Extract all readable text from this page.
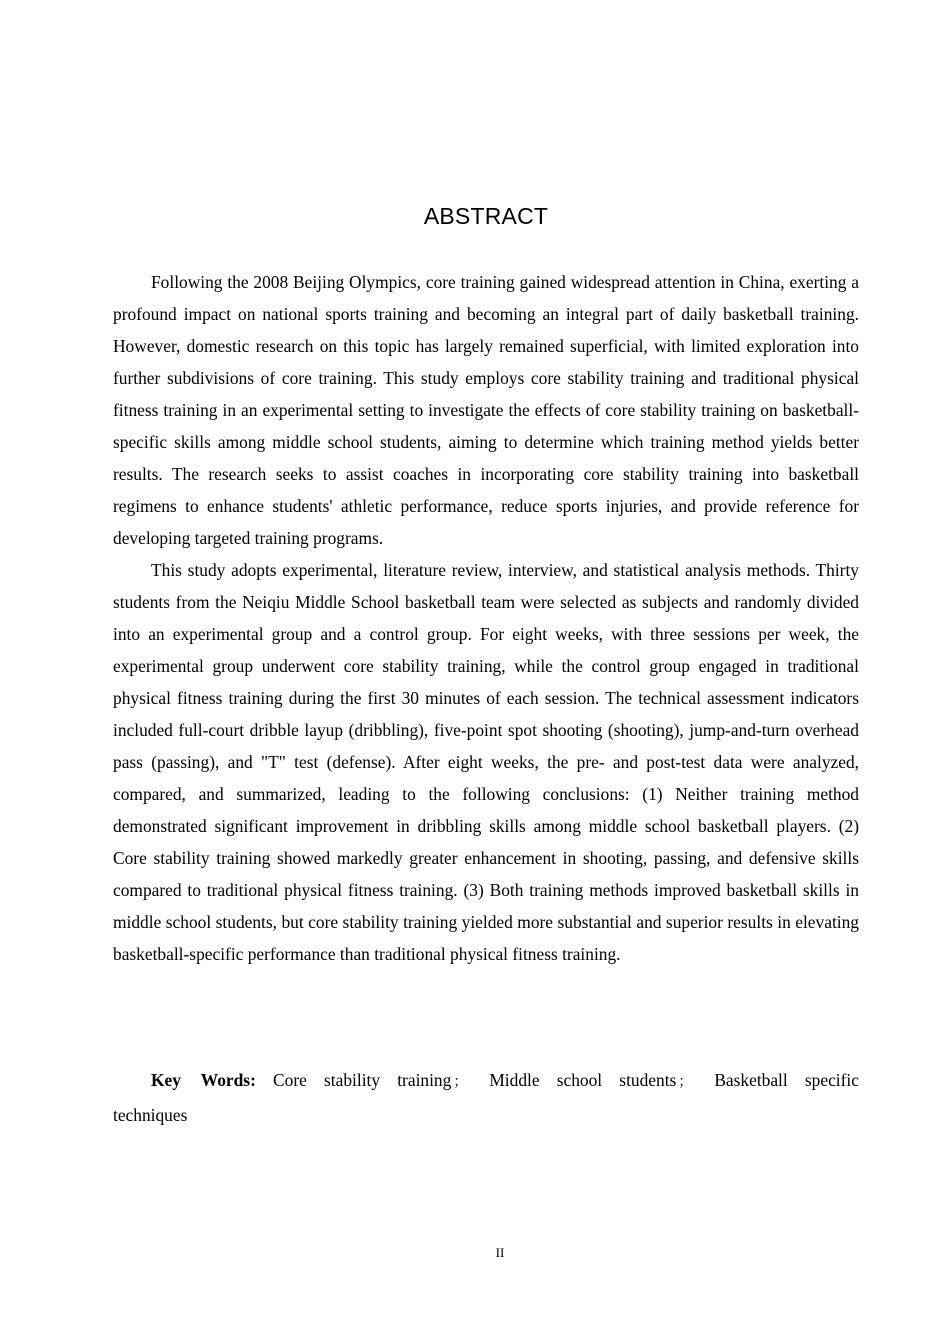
ABSTRACT

Following the 2008 Beijing Olympics, core training gained widespread attention in China, exerting a profound impact on national sports training and becoming an integral part of daily basketball training. However, domestic research on this topic has largely remained superficial, with limited exploration into further subdivisions of core training. This study employs core stability training and traditional physical fitness training in an experimental setting to investigate the effects of core stability training on basketball-specific skills among middle school students, aiming to determine which training method yields better results. The research seeks to assist coaches in incorporating core stability training into basketball regimens to enhance students' athletic performance, reduce sports injuries, and provide reference for developing targeted training programs.

This study adopts experimental, literature review, interview, and statistical analysis methods. Thirty students from the Neiqiu Middle School basketball team were selected as subjects and randomly divided into an experimental group and a control group. For eight weeks, with three sessions per week, the experimental group underwent core stability training, while the control group engaged in traditional physical fitness training during the first 30 minutes of each session. The technical assessment indicators included full-court dribble layup (dribbling), five-point spot shooting (shooting), jump-and-turn overhead pass (passing), and "T" test (defense). After eight weeks, the pre- and post-test data were analyzed, compared, and summarized, leading to the following conclusions: (1) Neither training method demonstrated significant improvement in dribbling skills among middle school basketball players. (2) Core stability training showed markedly greater enhancement in shooting, passing, and defensive skills compared to traditional physical fitness training. (3) Both training methods improved basketball skills in middle school students, but core stability training yielded more substantial and superior results in elevating basketball-specific performance than traditional physical fitness training.

Key Words: Core stability training ； Middle school students ； Basketball specific techniques

II
